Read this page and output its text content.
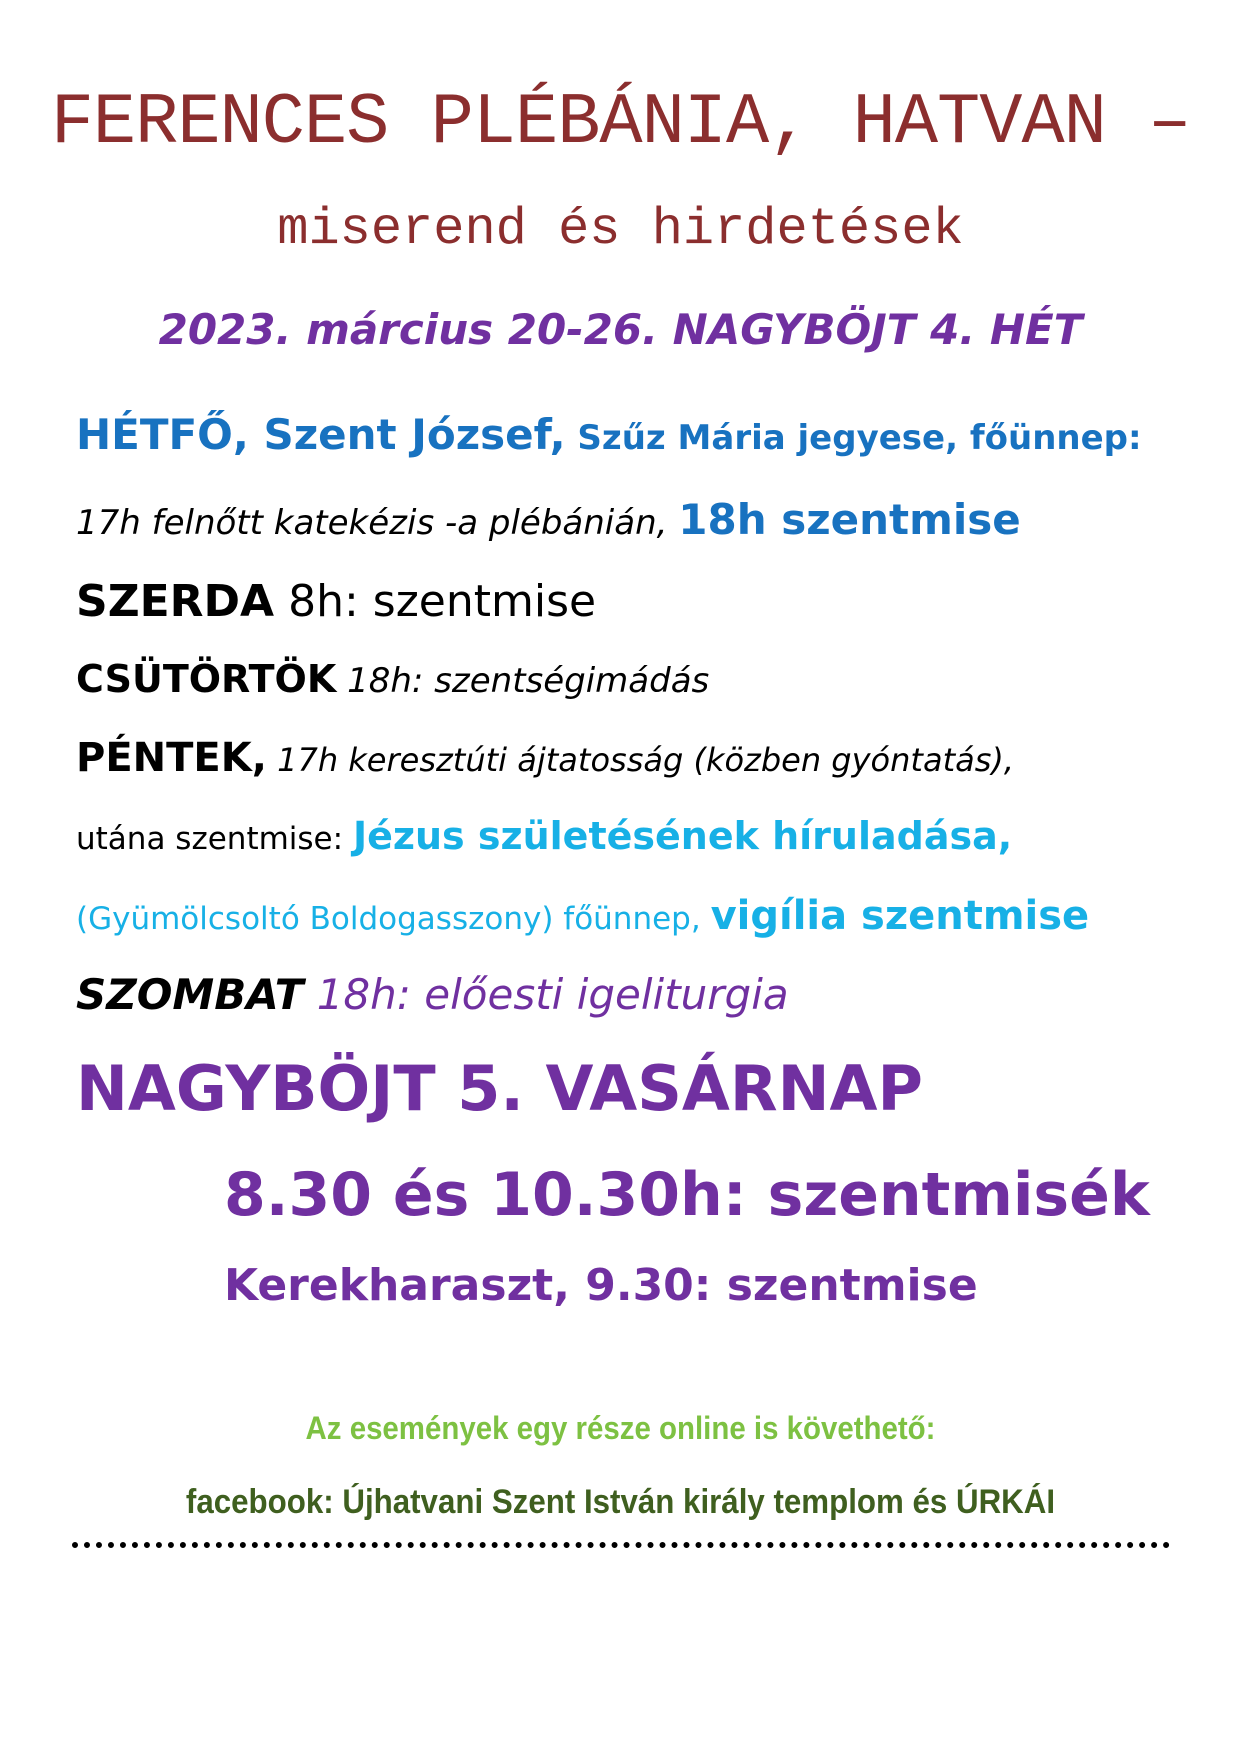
FERENCES PLÉBÁNIA, HATVAN –
miserend és hirdetések
2023. március 20-26. NAGYBÖJT 4. HÉT
HÉTFŐ, Szent József, Szűz Mária jegyese, főünnep:
17h felnőtt katekézis -a plébánián, 18h szentmise
SZERDA 8h: szentmise
CSÜTÖRTÖK 18h: szentségimádás
PÉNTEK, 17h keresztúti ájtatosság (közben gyóntatás),
utána szentmise: Jézus születésének híruladása,
(Gyümölcsoltó Boldogasszony) főünnep, vigília szentmise
SZOMBAT 18h: előesti igeliturgia
NAGYBÖJT 5. VASÁRNAP
8.30 és 10.30h: szentmisék
Kerekharaszt, 9.30: szentmise
Az események egy része online is követhető:
facebook: Újhatvani Szent István király templom és ÚRKÁI
